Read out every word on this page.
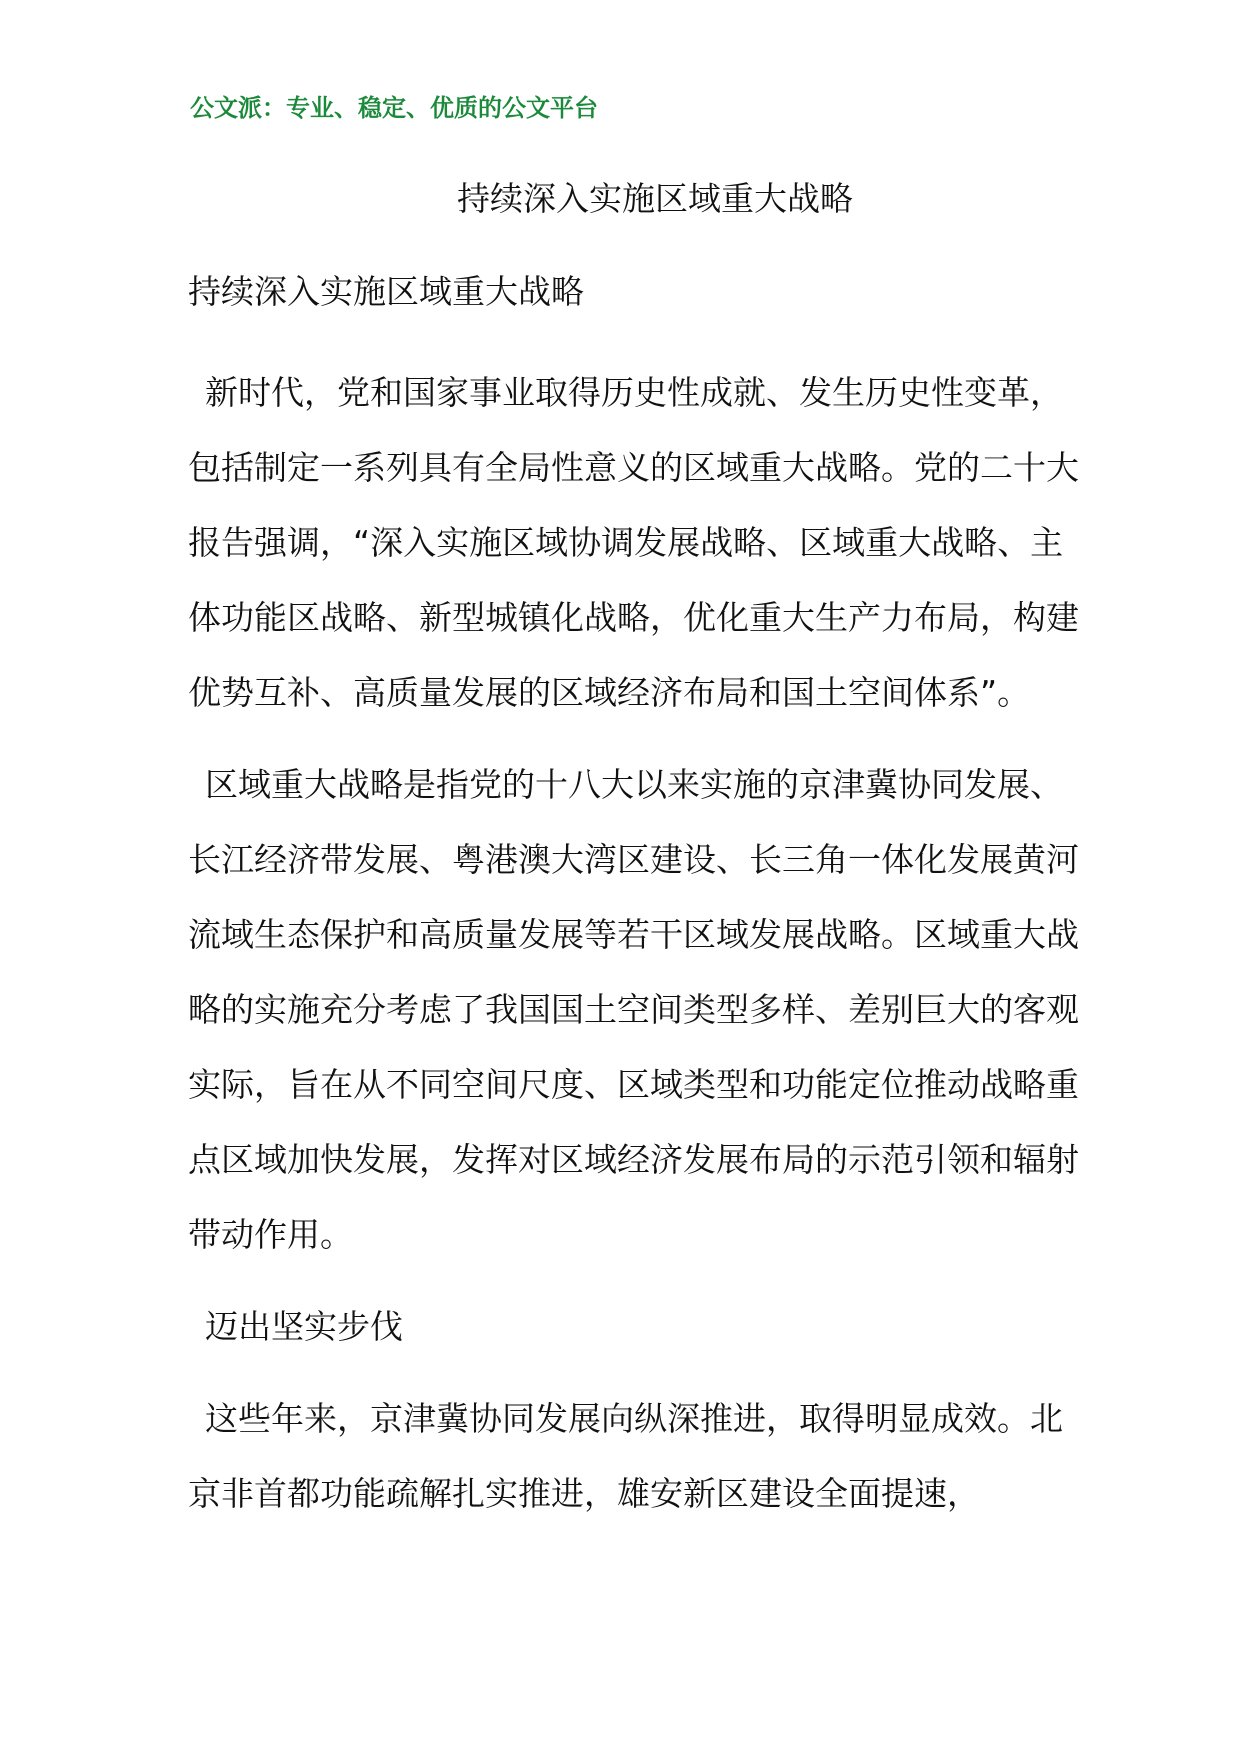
公文派：专业、稳定、优质的公文平台
持续深入实施区域重大战略
持续深入实施区域重大战略

新时代，党和国家事业取得历史性成就、发生历史性变革，包括制定一系列具有全局性意义的区域重大战略。党的二十大报告强调，“深入实施区域协调发展战略、区域重大战略、主体功能区战略、新型城镇化战略，优化重大生产力布局，构建优势互补、高质量发展的区域经济布局和国土空间体系”。

区域重大战略是指党的十八大以来实施的京津冀协同发展、长江经济带发展、粤港澳大湾区建设、长三角一体化发展黄河流域生态保护和高质量发展等若干区域发展战略。区域重大战略的实施充分考虑了我国国土空间类型多样、差别巨大的客观实际，旨在从不同空间尺度、区域类型和功能定位推动战略重点区域加快发展，发挥对区域经济发展布局的示范引领和辐射带动作用。

迈出坚实步伐

这些年来，京津冀协同发展向纵深推进，取得明显成效。北京非首都功能疏解扎实推进，雄安新区建设全面提速，
